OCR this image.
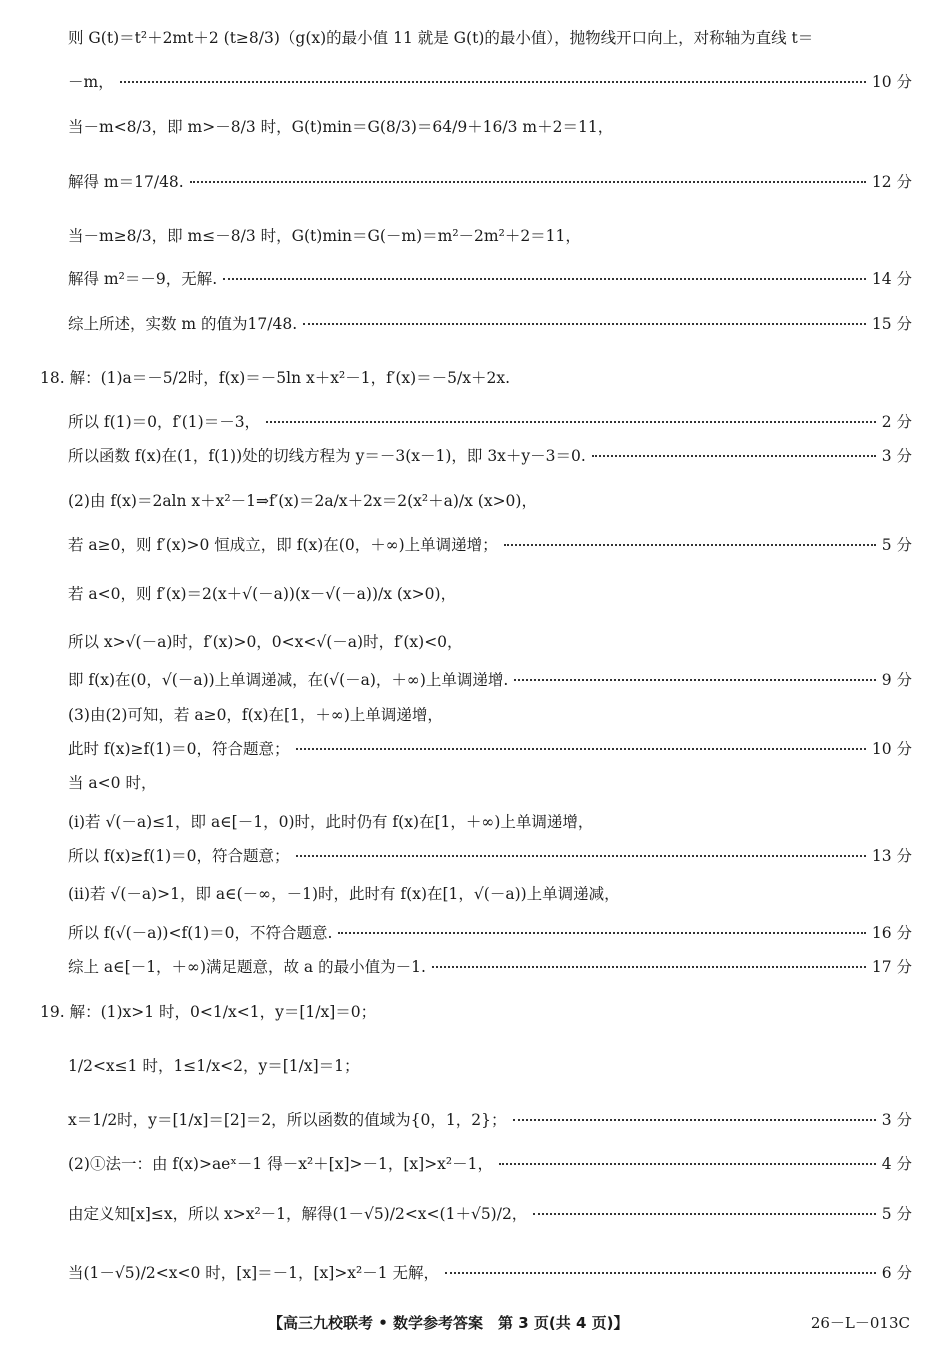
则 G(t)＝t²＋2mt＋2 (t≥8/3)（g(x)的最小值 11 就是 G(t)的最小值），抛物线开口向上，对称轴为直线 t＝
－m，	10 分
当－m<8/3，即 m>－8/3 时，G(t)min＝G(8/3)＝64/9＋16/3 m＋2＝11，
解得 m＝17/48.	12 分
当－m≥8/3，即 m≤－8/3 时，G(t)min＝G(－m)＝m²－2m²＋2＝11，
解得 m²＝－9，无解.	14 分
综上所述，实数 m 的值为17/48.	15 分
18. 解：(1)a＝－5/2时，f(x)＝－5ln x＋x²－1，f′(x)＝－5/x＋2x.
所以 f(1)＝0，f′(1)＝－3，	2 分
所以函数 f(x)在(1，f(1))处的切线方程为 y＝－3(x－1)，即 3x＋y－3＝0.	3 分
(2)由 f(x)＝2aln x＋x²－1⇒f′(x)＝2a/x＋2x＝2(x²＋a)/x (x>0)，
若 a≥0，则 f′(x)>0 恒成立，即 f(x)在(0，＋∞)上单调递增；	5 分
若 a<0，则 f′(x)＝2(x＋√(－a))(x－√(－a))/x (x>0)，
所以 x>√(－a)时，f′(x)>0，0<x<√(－a)时，f′(x)<0，
即 f(x)在(0，√(－a))上单调递减，在(√(－a)，＋∞)上单调递增.	9 分
(3)由(2)可知，若 a≥0，f(x)在[1，＋∞)上单调递增，
此时 f(x)≥f(1)＝0，符合题意；	10 分
当 a<0 时，
(ⅰ)若 √(－a)≤1，即 a∈[－1，0)时，此时仍有 f(x)在[1，＋∞)上单调递增，
所以 f(x)≥f(1)＝0，符合题意；	13 分
(ⅱ)若 √(－a)>1，即 a∈(－∞，－1)时，此时有 f(x)在[1，√(－a))上单调递减，
所以 f(√(－a))<f(1)＝0，不符合题意.	16 分
综上 a∈[－1，＋∞)满足题意，故 a 的最小值为－1.	17 分
19. 解：(1)x>1 时，0<1/x<1，y＝[1/x]＝0；
1/2<x≤1 时，1≤1/x<2，y＝[1/x]＝1；
x＝1/2时，y＝[1/x]＝[2]＝2，所以函数的值域为{0，1，2}；	3 分
(2)①法一：由 f(x)>aeˣ－1 得－x²＋[x]>－1，[x]>x²－1，	4 分
由定义知[x]≤x，所以 x>x²－1，解得(1－√5)/2<x<(1＋√5)/2，	5 分
当(1－√5)/2<x<0 时，[x]＝－1，[x]>x²－1 无解，	6 分
【高三九校联考 • 数学参考答案　第 3 页(共 4 页)】	26－L－013C
